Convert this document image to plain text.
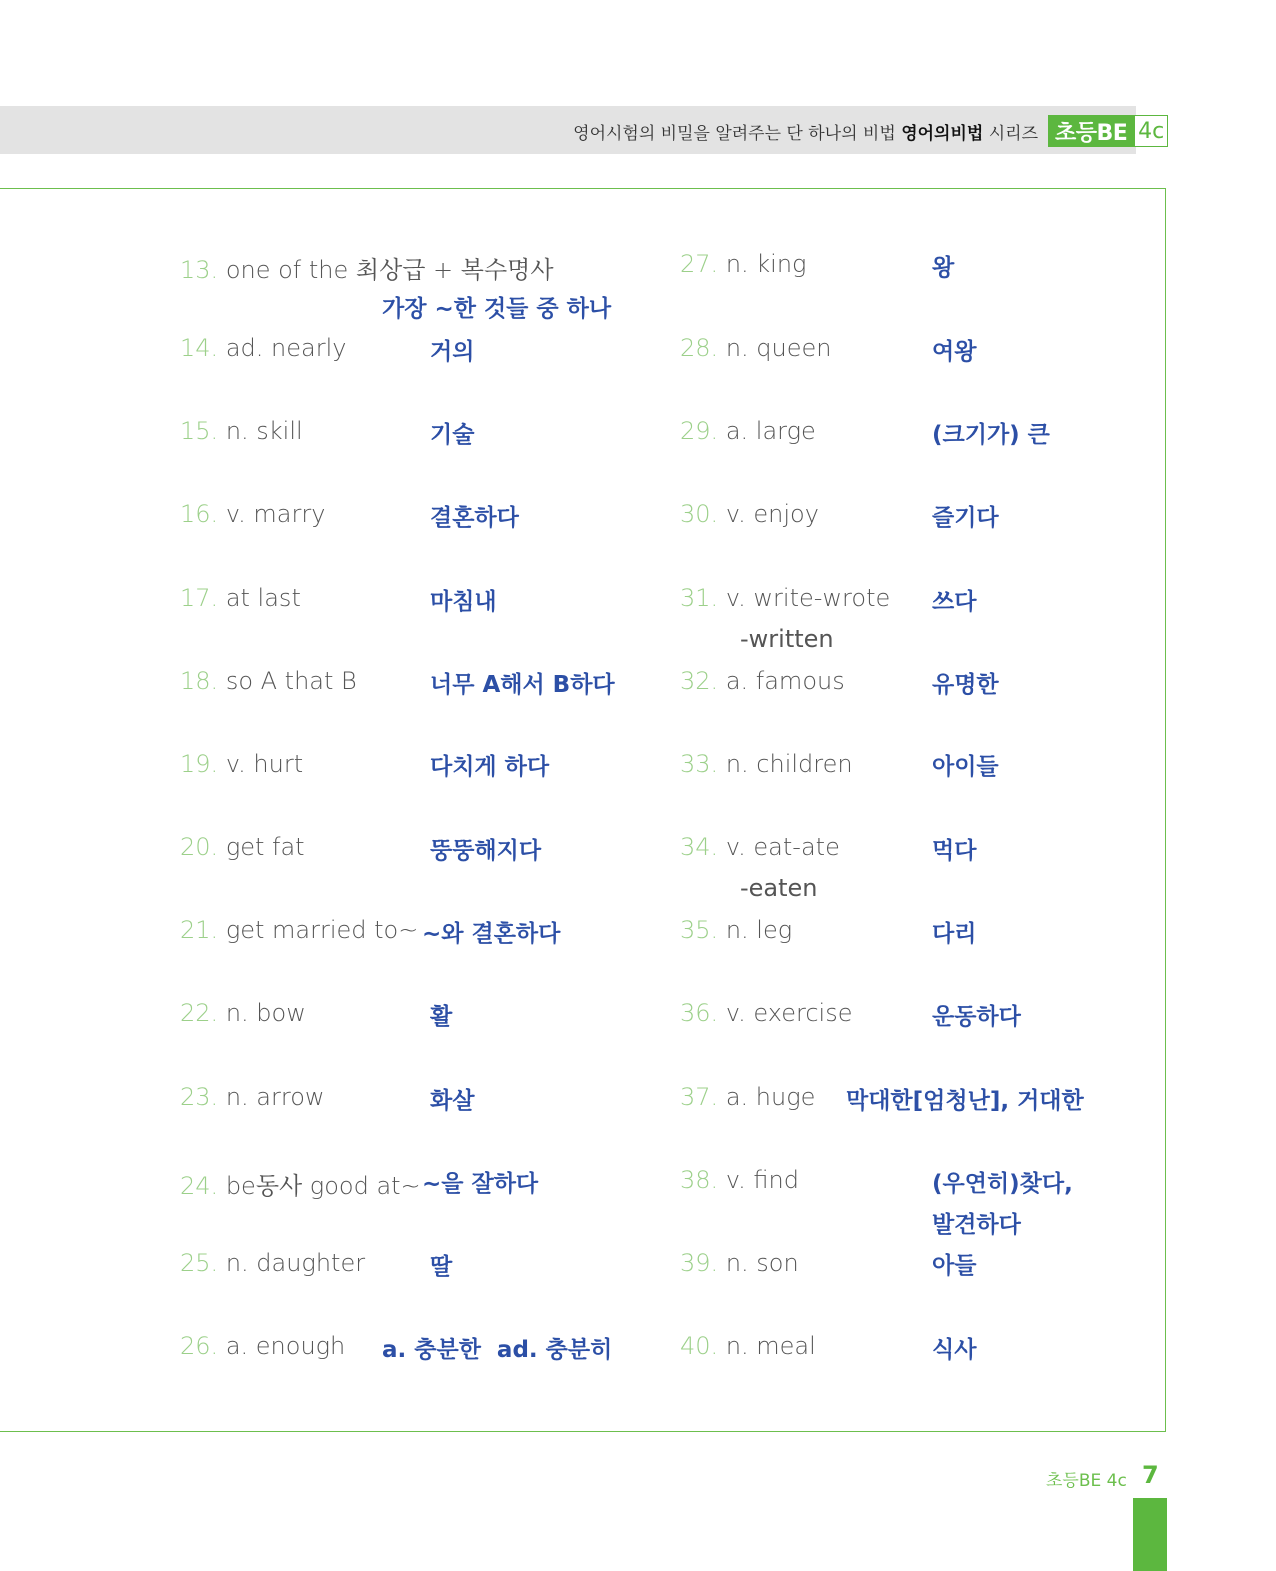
영어시험의 비밀을 알려주는 단 하나의 비법 영어의비법 시리즈 초등BE 4c
13. one of the 최상급 + 복수명사
가장 ~한 것들 중 하나
14. ad. nearly	거의
15. n. skill	기술
16. v. marry	결혼하다
17. at last	마침내
18. so A that B	너무 A해서 B하다
19. v. hurt	다치게 하다
20. get fat	뚱뚱해지다
21. get married to~ ~와 결혼하다
22. n. bow	활
23. n. arrow	화살
24. be동사 good at~ ~을 잘하다
25. n. daughter	딸
26. a. enough a. 충분한  ad. 충분히
27. n. king	왕
28. n. queen	여왕
29. a. large	(크기가) 큰
30. v. enjoy	즐기다
31. v. write-wrote
-written
쓰다
32. a. famous	유명한
33. n. children	아이들
34. v. eat-ate
-eaten
먹다
35. n. leg	다리
36. v. exercise	운동하다
37. a. huge 막대한[엄청난], 거대한
38. v. find	(우연히)찾다,
발견하다
39. n. son	아들
40. n. meal	식사
초등BE 4c 7
